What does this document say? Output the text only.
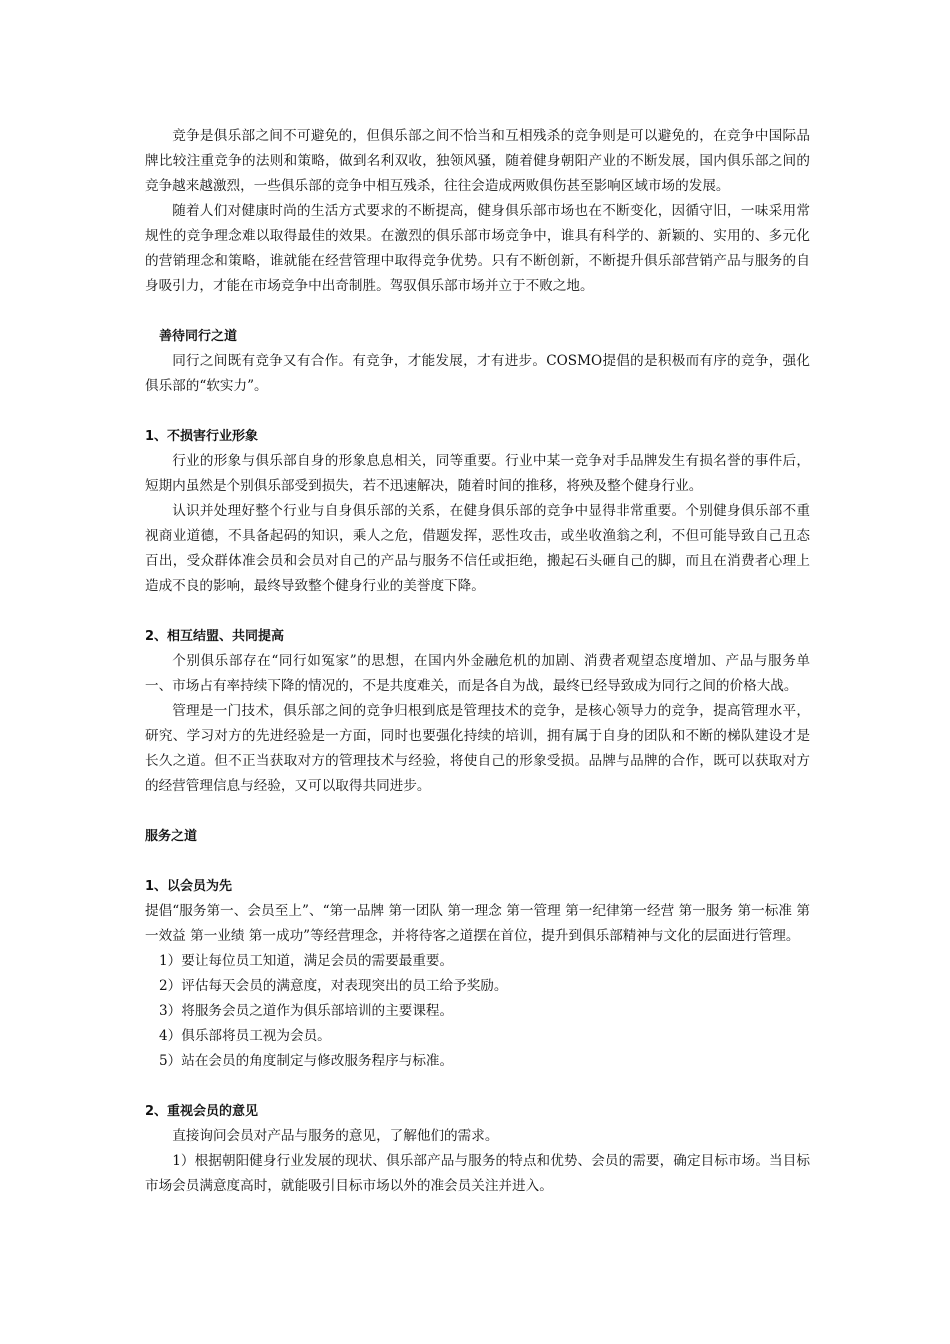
竞争是俱乐部之间不可避免的，但俱乐部之间不恰当和互相残杀的竞争则是可以避免的，在竞争中国际品牌比较注重竞争的法则和策略，做到名利双收，独领风骚，随着健身朝阳产业的不断发展，国内俱乐部之间的竞争越来越激烈，一些俱乐部的竞争中相互残杀，往往会造成两败俱伤甚至影响区域市场的发展。

随着人们对健康时尚的生活方式要求的不断提高，健身俱乐部市场也在不断变化，因循守旧，一味采用常规性的竞争理念难以取得最佳的效果。在激烈的俱乐部市场竞争中，谁具有科学的、新颖的、实用的、多元化的营销理念和策略，谁就能在经营管理中取得竞争优势。只有不断创新，不断提升俱乐部营销产品与服务的自身吸引力，才能在市场竞争中出奇制胜。驾驭俱乐部市场并立于不败之地。

善待同行之道

同行之间既有竞争又有合作。有竞争，才能发展，才有进步。COSMO提倡的是积极而有序的竞争，强化俱乐部的“软实力”。

1、不损害行业形象

行业的形象与俱乐部自身的形象息息相关，同等重要。行业中某一竞争对手品牌发生有损名誉的事件后，短期内虽然是个别俱乐部受到损失，若不迅速解决，随着时间的推移，将殃及整个健身行业。

认识并处理好整个行业与自身俱乐部的关系，在健身俱乐部的竞争中显得非常重要。个别健身俱乐部不重视商业道德，不具备起码的知识，乘人之危，借题发挥，恶性攻击，或坐收渔翁之利，不但可能导致自己丑态百出，受众群体准会员和会员对自己的产品与服务不信任或拒绝，搬起石头砸自己的脚，而且在消费者心理上造成不良的影响，最终导致整个健身行业的美誉度下降。

2、相互结盟、共同提高

个别俱乐部存在“同行如冤家”的思想，在国内外金融危机的加剧、消费者观望态度增加、产品与服务单一、市场占有率持续下降的情况的，不是共度难关，而是各自为战，最终已经导致成为同行之间的价格大战。

管理是一门技术，俱乐部之间的竞争归根到底是管理技术的竞争，是核心领导力的竞争，提高管理水平，研究、学习对方的先进经验是一方面，同时也要强化持续的培训，拥有属于自身的团队和不断的梯队建设才是长久之道。但不正当获取对方的管理技术与经验，将使自己的形象受损。品牌与品牌的合作，既可以获取对方的经营管理信息与经验，又可以取得共同进步。

服务之道
1、以会员为先

提倡“服务第一、会员至上”、“第一品牌 第一团队 第一理念 第一管理 第一纪律第一经营 第一服务 第一标准 第一效益 第一业绩 第一成功”等经营理念，并将待客之道摆在首位，提升到俱乐部精神与文化的层面进行管理。

1）要让每位员工知道，满足会员的需要最重要。

2）评估每天会员的满意度，对表现突出的员工给予奖励。

3）将服务会员之道作为俱乐部培训的主要课程。

4）俱乐部将员工视为会员。

5）站在会员的角度制定与修改服务程序与标准。

2、重视会员的意见

直接询问会员对产品与服务的意见，了解他们的需求。

1）根据朝阳健身行业发展的现状、俱乐部产品与服务的特点和优势、会员的需要，确定目标市场。当目标市场会员满意度高时，就能吸引目标市场以外的准会员关注并进入。
